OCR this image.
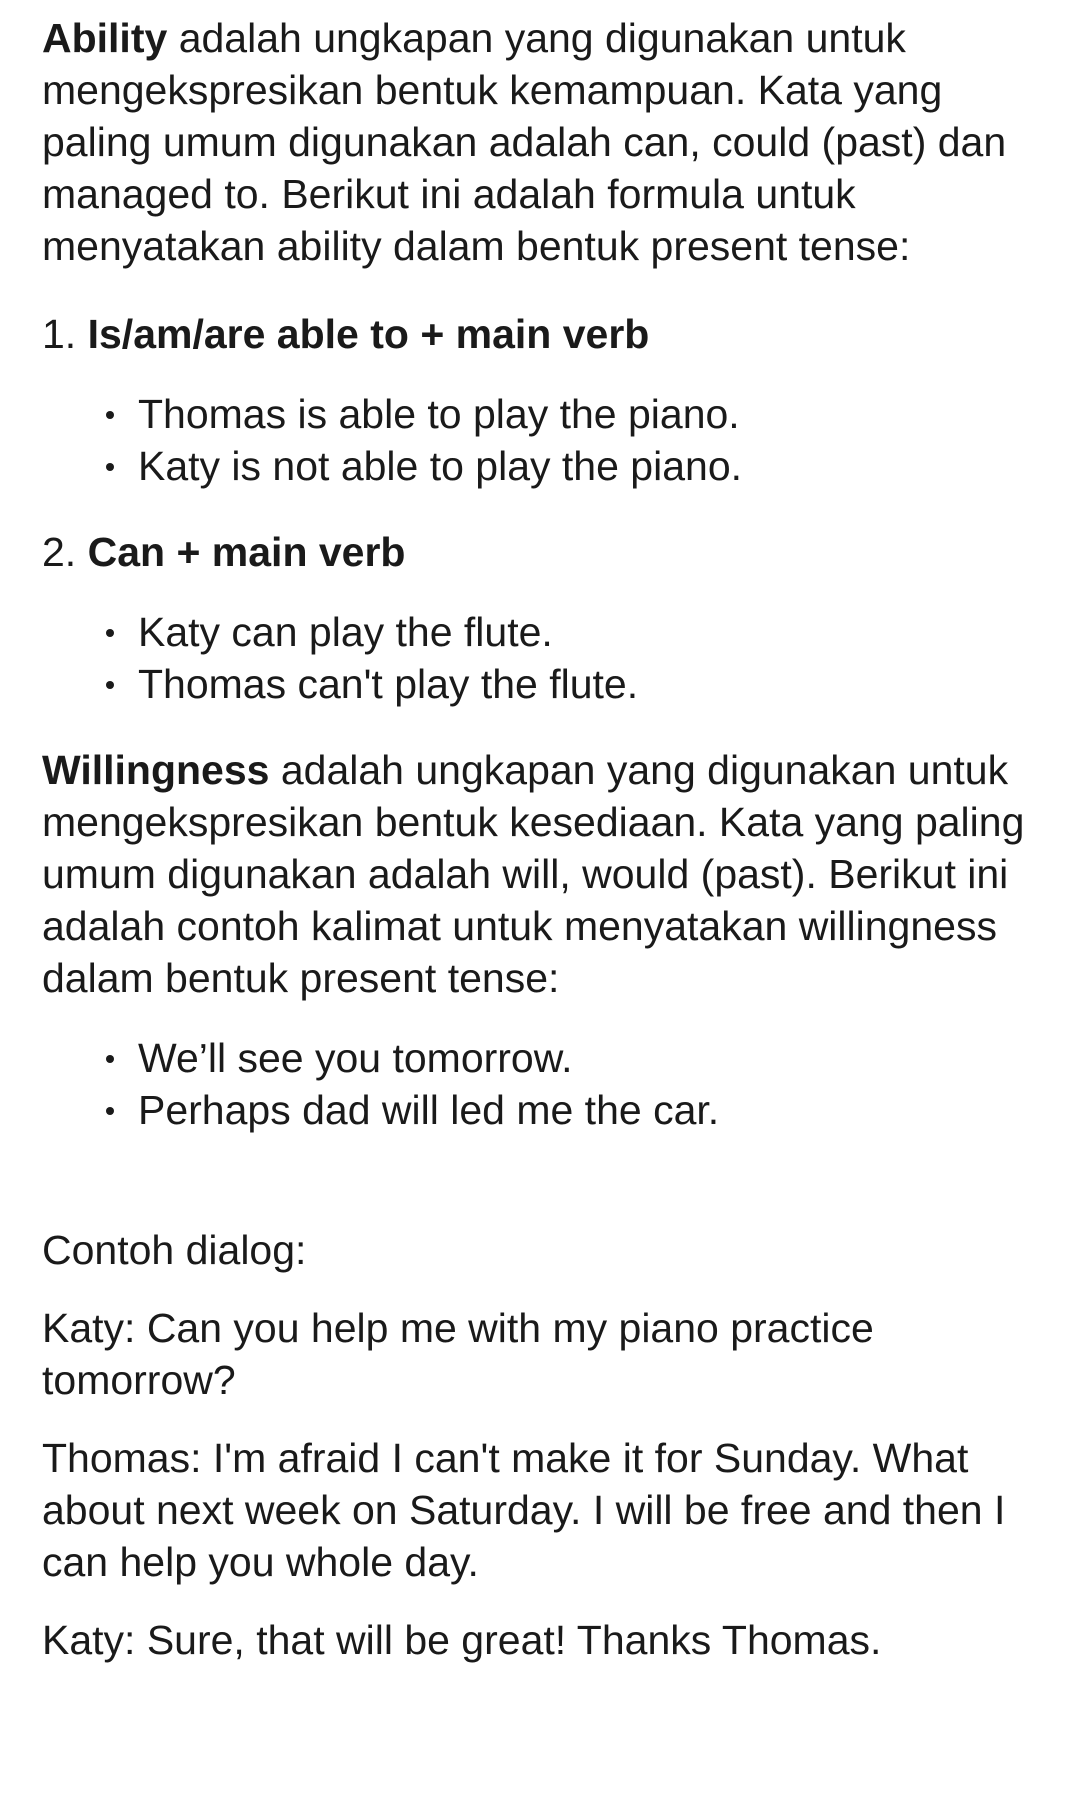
Ability adalah ungkapan yang digunakan untuk mengekspresikan bentuk kemampuan. Kata yang paling umum digunakan adalah can, could (past) dan managed to. Berikut ini adalah formula untuk menyatakan ability dalam bentuk present tense:

1. Is/am/are able to + main verb

Thomas is able to play the piano.
Katy is not able to play the piano.

2. Can + main verb

Katy can play the flute.
Thomas can't play the flute.

Willingness adalah ungkapan yang digunakan untuk mengekspresikan bentuk kesediaan. Kata yang paling umum digunakan adalah will, would (past). Berikut ini adalah contoh kalimat untuk menyatakan willingness dalam bentuk present tense:

We’ll see you tomorrow.
Perhaps dad will led me the car.

Contoh dialog:

Katy: Can you help me with my piano practice tomorrow?

Thomas: I'm afraid I can't make it for Sunday. What about next week on Saturday. I will be free and then I can help you whole day.

Katy: Sure, that will be great! Thanks Thomas.
